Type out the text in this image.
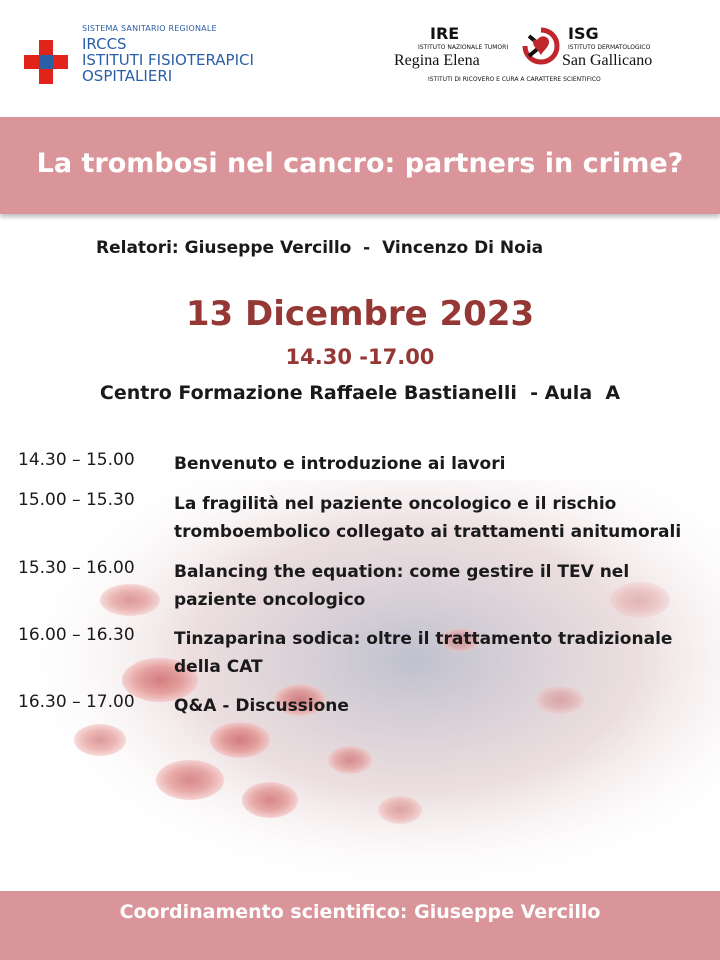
SISTEMA SANITARIO REGIONALE
IRCCS
ISTITUTI FISIOTERAPICI
OSPITALIERI
IRE
ISTITUTO NAZIONALE TUMORI
Regina Elena
ISG
ISTITUTO DERMATOLOGICO
San Gallicano
ISTITUTI DI RICOVERO E CURA A CARATTERE SCIENTIFICO
La trombosi nel cancro: partners in crime?
Relatori: Giuseppe Vercillo  -  Vincenzo Di Noia
13 Dicembre 2023
14.30 -17.00
Centro Formazione Raffaele Bastianelli  - Aula  A
14.30 – 15.00 Benvenuto e introduzione ai lavori
15.00 – 15.30 La fragilità nel paziente oncologico e il rischio tromboembolico collegato ai trattamenti anitumorali
15.30 – 16.00 Balancing the equation: come gestire il TEV nel paziente oncologico
16.00 – 16.30 Tinzaparina sodica: oltre il trattamento tradizionale della CAT
16.30 – 17.00 Q&A - Discussione
Coordinamento scientifico: Giuseppe Vercillo
